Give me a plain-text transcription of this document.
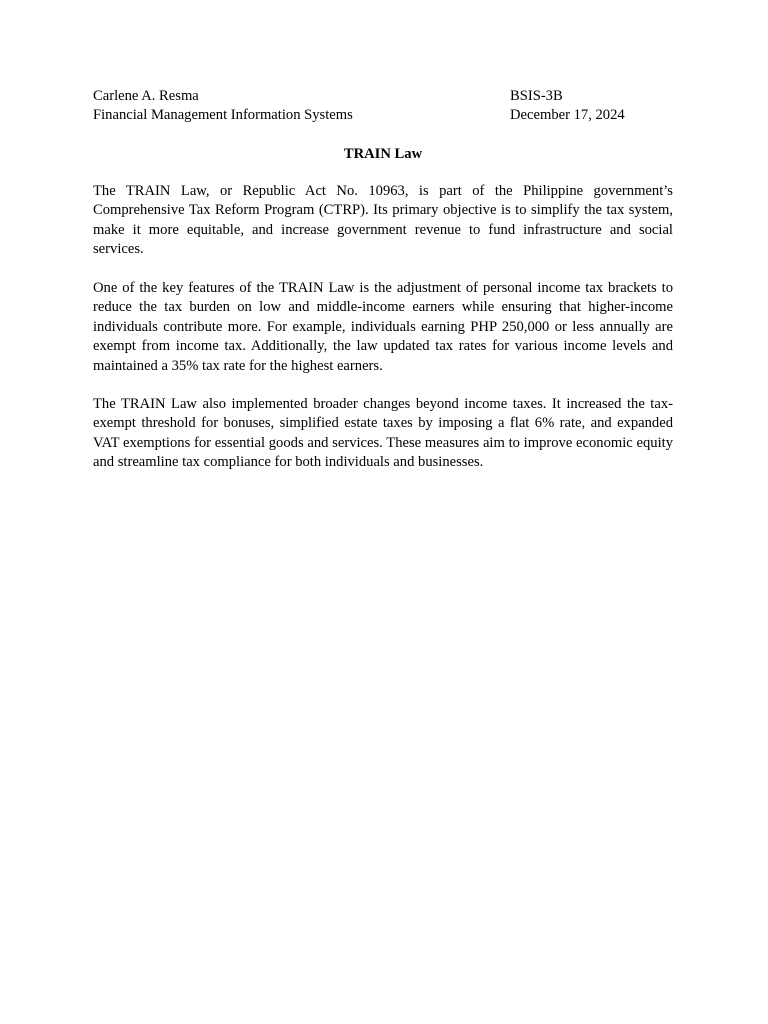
Carlene A. Resma	BSIS-3B
Financial Management Information Systems	December 17, 2024
TRAIN Law

The TRAIN Law, or Republic Act No. 10963, is part of the Philippine government’s Comprehensive Tax Reform Program (CTRP). Its primary objective is to simplify the tax system, make it more equitable, and increase government revenue to fund infrastructure and social services.

One of the key features of the TRAIN Law is the adjustment of personal income tax brackets to reduce the tax burden on low and middle-income earners while ensuring that higher-income individuals contribute more. For example, individuals earning PHP 250,000 or less annually are exempt from income tax. Additionally, the law updated tax rates for various income levels and maintained a 35% tax rate for the highest earners.

The TRAIN Law also implemented broader changes beyond income taxes. It increased the tax-exempt threshold for bonuses, simplified estate taxes by imposing a flat 6% rate, and expanded VAT exemptions for essential goods and services. These measures aim to improve economic equity and streamline tax compliance for both individuals and businesses.
